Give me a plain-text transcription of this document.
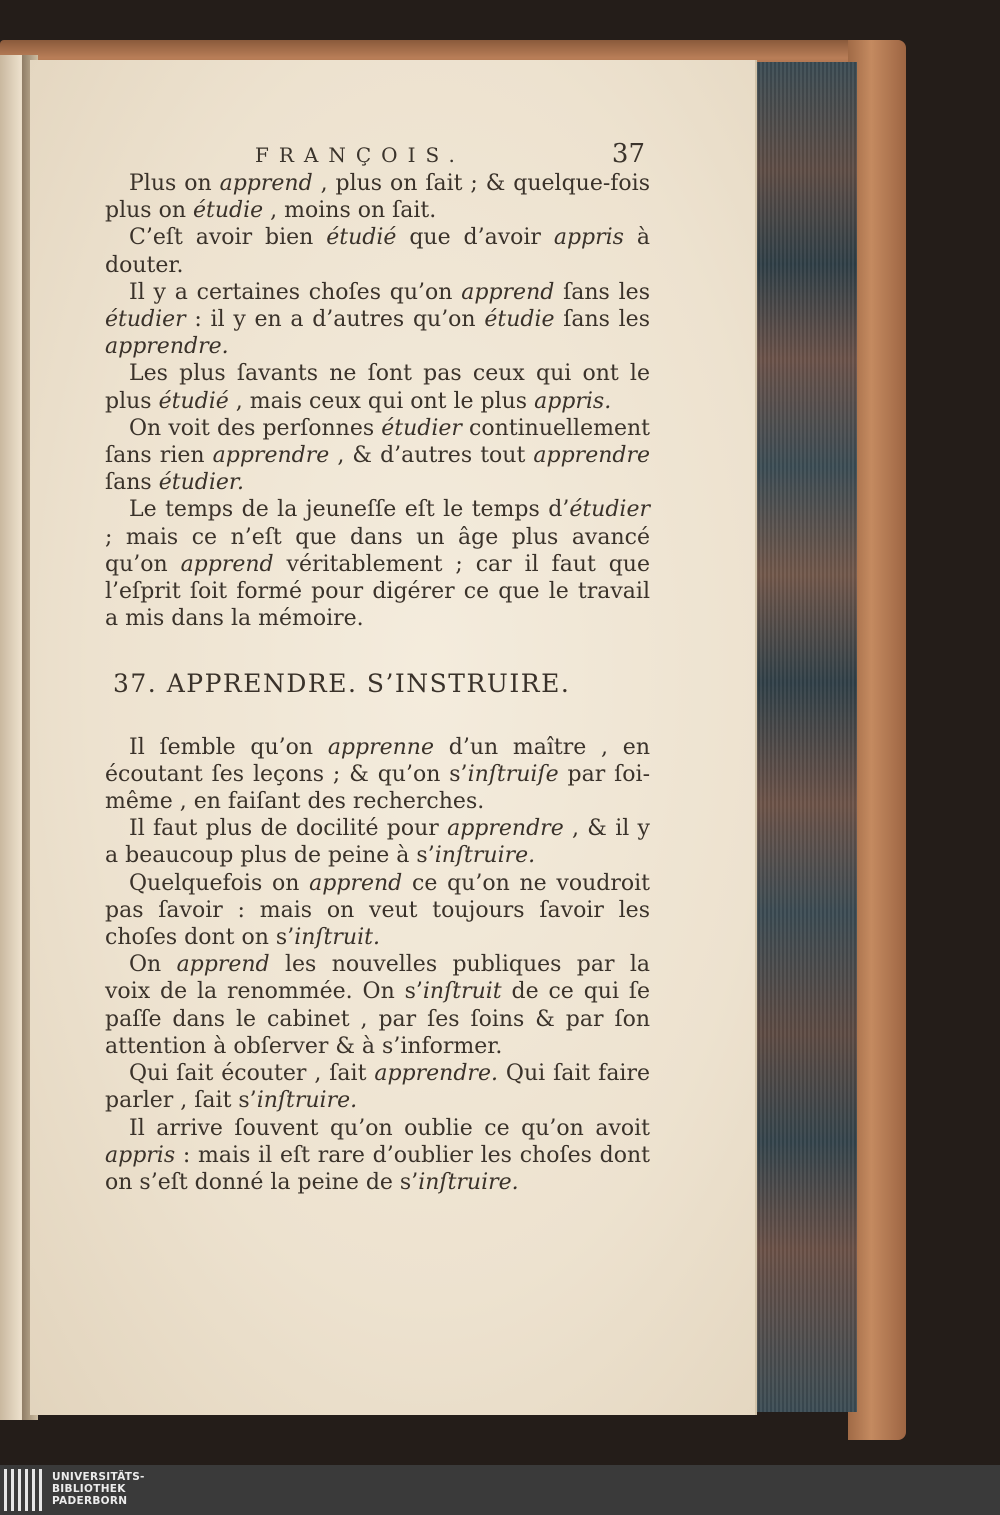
FRANÇOIS.	37

Plus on apprend , plus on ſait ; & quelque-fois plus on étudie , moins on ſait.

C’eſt avoir bien étudié que d’avoir appris à douter.

Il y a certaines choſes qu’on apprend ſans les étudier : il y en a d’autres qu’on étudie ſans les apprendre.

Les plus ſavants ne ſont pas ceux qui ont le plus étudié , mais ceux qui ont le plus appris.

On voit des perſonnes étudier continuellement ſans rien apprendre , & d’autres tout apprendre ſans étudier.

Le temps de la jeuneſſe eſt le temps d’étudier ; mais ce n’eſt que dans un âge plus avancé qu’on apprend véritablement ; car il faut que l’eſprit ſoit formé pour digérer ce que le travail a mis dans la mémoire.

37. APPRENDRE. S’INSTRUIRE.

Il ſemble qu’on apprenne d’un maître , en écoutant ſes leçons ; & qu’on s’inſtruiſe par ſoi-même , en faiſant des recherches.

Il faut plus de docilité pour apprendre , & il y a beaucoup plus de peine à s’inſtruire.

Quelquefois on apprend ce qu’on ne voudroit pas ſavoir : mais on veut toujours ſavoir les choſes dont on s’inſtruit.

On apprend les nouvelles publiques par la voix de la renommée. On s’inſtruit de ce qui ſe paſſe dans le cabinet , par ſes ſoins & par ſon attention à obſerver & à s’informer.

Qui ſait écouter , ſait apprendre. Qui ſait faire parler , ſait s’inſtruire.

Il arrive ſouvent qu’on oublie ce qu’on avoit appris : mais il eſt rare d’oublier les choſes dont on s’eſt donné la peine de s’inſtruire.

UNIVERSITÄTS-
BIBLIOTHEK
PADERBORN
